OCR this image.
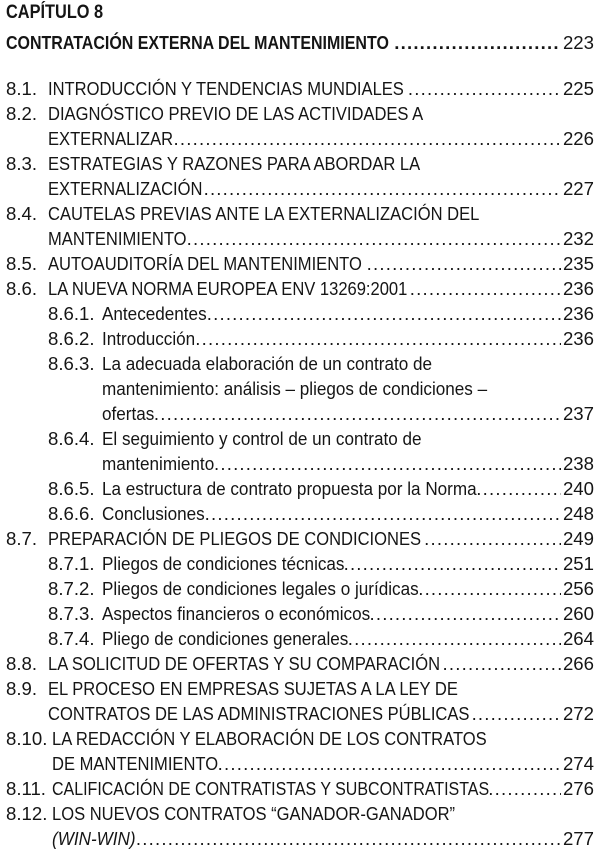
CAPÍTULO 8
CONTRATACIÓN EXTERNA DEL MANTENIMIENTO .....	223
8.1. INTRODUCCIÓN Y TENDENCIAS MUNDIALES .....	225
8.2. DIAGNÓSTICO PREVIO DE LAS ACTIVIDADES A
EXTERNALIZAR .....	226
8.3. ESTRATEGIAS Y RAZONES PARA ABORDAR LA
EXTERNALIZACIÓN .....	227
8.4. CAUTELAS PREVIAS ANTE LA EXTERNALIZACIÓN DEL
MANTENIMIENTO .....	232
8.5. AUTOAUDITORÍA DEL MANTENIMIENTO .....	235
8.6. LA NUEVA NORMA EUROPEA ENV 13269:2001 .....	236
8.6.1. Antecedentes .....	236
8.6.2. Introducción .....	236
8.6.3. La adecuada elaboración de un contrato de
mantenimiento: análisis – pliegos de condiciones –
ofertas .....	237
8.6.4. El seguimiento y control de un contrato de
mantenimiento .....	238
8.6.5. La estructura de contrato propuesta por la Norma .....	240
8.6.6. Conclusiones .....	248
8.7. PREPARACIÓN DE PLIEGOS DE CONDICIONES .....	249
8.7.1. Pliegos de condiciones técnicas .....	251
8.7.2. Pliegos de condiciones legales o jurídicas .....	256
8.7.3. Aspectos financieros o económicos .....	260
8.7.4. Pliego de condiciones generales .....	264
8.8. LA SOLICITUD DE OFERTAS Y SU COMPARACIÓN .....	266
8.9. EL PROCESO EN EMPRESAS SUJETAS A LA LEY DE
CONTRATOS DE LAS ADMINISTRACIONES PÚBLICAS .....	272
8.10. LA REDACCIÓN Y ELABORACIÓN DE LOS CONTRATOS
DE MANTENIMIENTO .....	274
8.11. CALIFICACIÓN DE CONTRATISTAS Y SUBCONTRATISTAS .....	276
8.12. LOS NUEVOS CONTRATOS “GANADOR-GANADOR”
(WIN-WIN) .....	277
